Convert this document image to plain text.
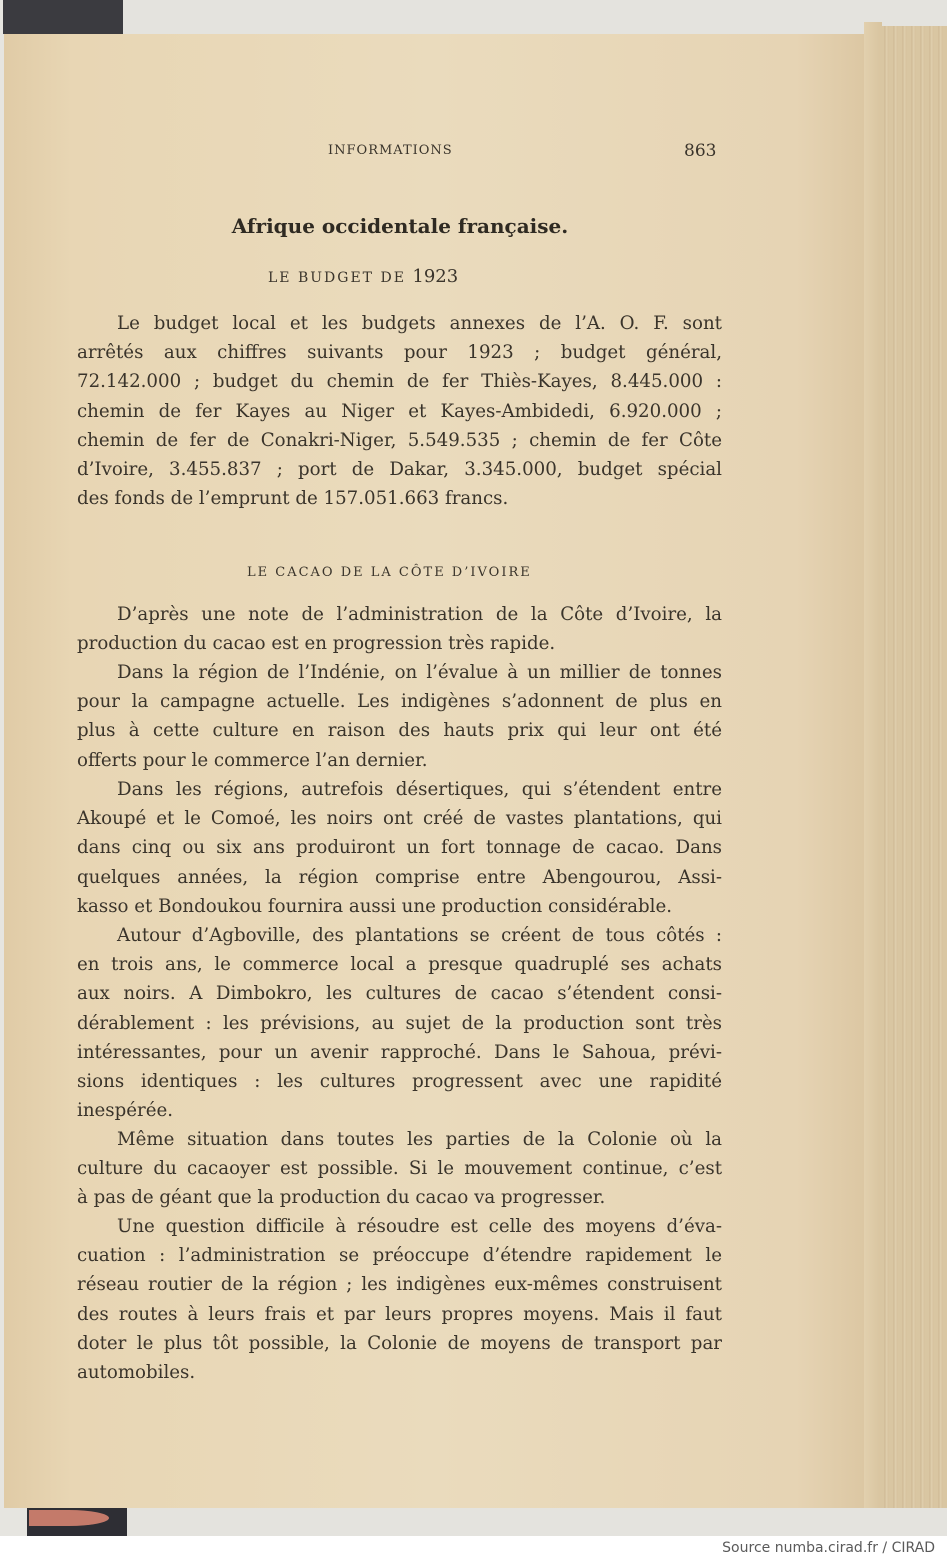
INFORMATIONS	863
Afrique occidentale française.
LE BUDGET DE 1923
Le budget local et les budgets annexes de l’A. O. F. sont
arrêtés aux chiffres suivants pour 1923 ; budget général,
72.142.000 ; budget du chemin de fer Thiès-Kayes, 8.445.000 :
chemin de fer Kayes au Niger et Kayes-Ambidedi, 6.920.000 ;
chemin de fer de Conakri-Niger, 5.549.535 ; chemin de fer Côte
d’Ivoire, 3.455.837 ; port de Dakar, 3.345.000, budget spécial
des fonds de l’emprunt de 157.051.663 francs.
LE CACAO DE LA CÔTE D’IVOIRE
D’après une note de l’administration de la Côte d’Ivoire, la
production du cacao est en progression très rapide.
Dans la région de l’Indénie, on l’évalue à un millier de tonnes
pour la campagne actuelle. Les indigènes s’adonnent de plus en
plus à cette culture en raison des hauts prix qui leur ont été
offerts pour le commerce l’an dernier.
Dans les régions, autrefois désertiques, qui s’étendent entre
Akoupé et le Comoé, les noirs ont créé de vastes plantations, qui
dans cinq ou six ans produiront un fort tonnage de cacao. Dans
quelques années, la région comprise entre Abengourou, Assi-
kasso et Bondoukou fournira aussi une production considérable.
Autour d’Agboville, des plantations se créent de tous côtés :
en trois ans, le commerce local a presque quadruplé ses achats
aux noirs. A Dimbokro, les cultures de cacao s’étendent consi-
dérablement : les prévisions, au sujet de la production sont très
intéressantes, pour un avenir rapproché. Dans le Sahoua, prévi-
sions identiques : les cultures progressent avec une rapidité
inespérée.
Même situation dans toutes les parties de la Colonie où la
culture du cacaoyer est possible. Si le mouvement continue, c’est
à pas de géant que la production du cacao va progresser.
Une question difficile à résoudre est celle des moyens d’éva-
cuation : l’administration se préoccupe d’étendre rapidement le
réseau routier de la région ; les indigènes eux-mêmes construisent
des routes à leurs frais et par leurs propres moyens. Mais il faut
doter le plus tôt possible, la Colonie de moyens de transport par
automobiles.
Source numba.cirad.fr / CIRAD
